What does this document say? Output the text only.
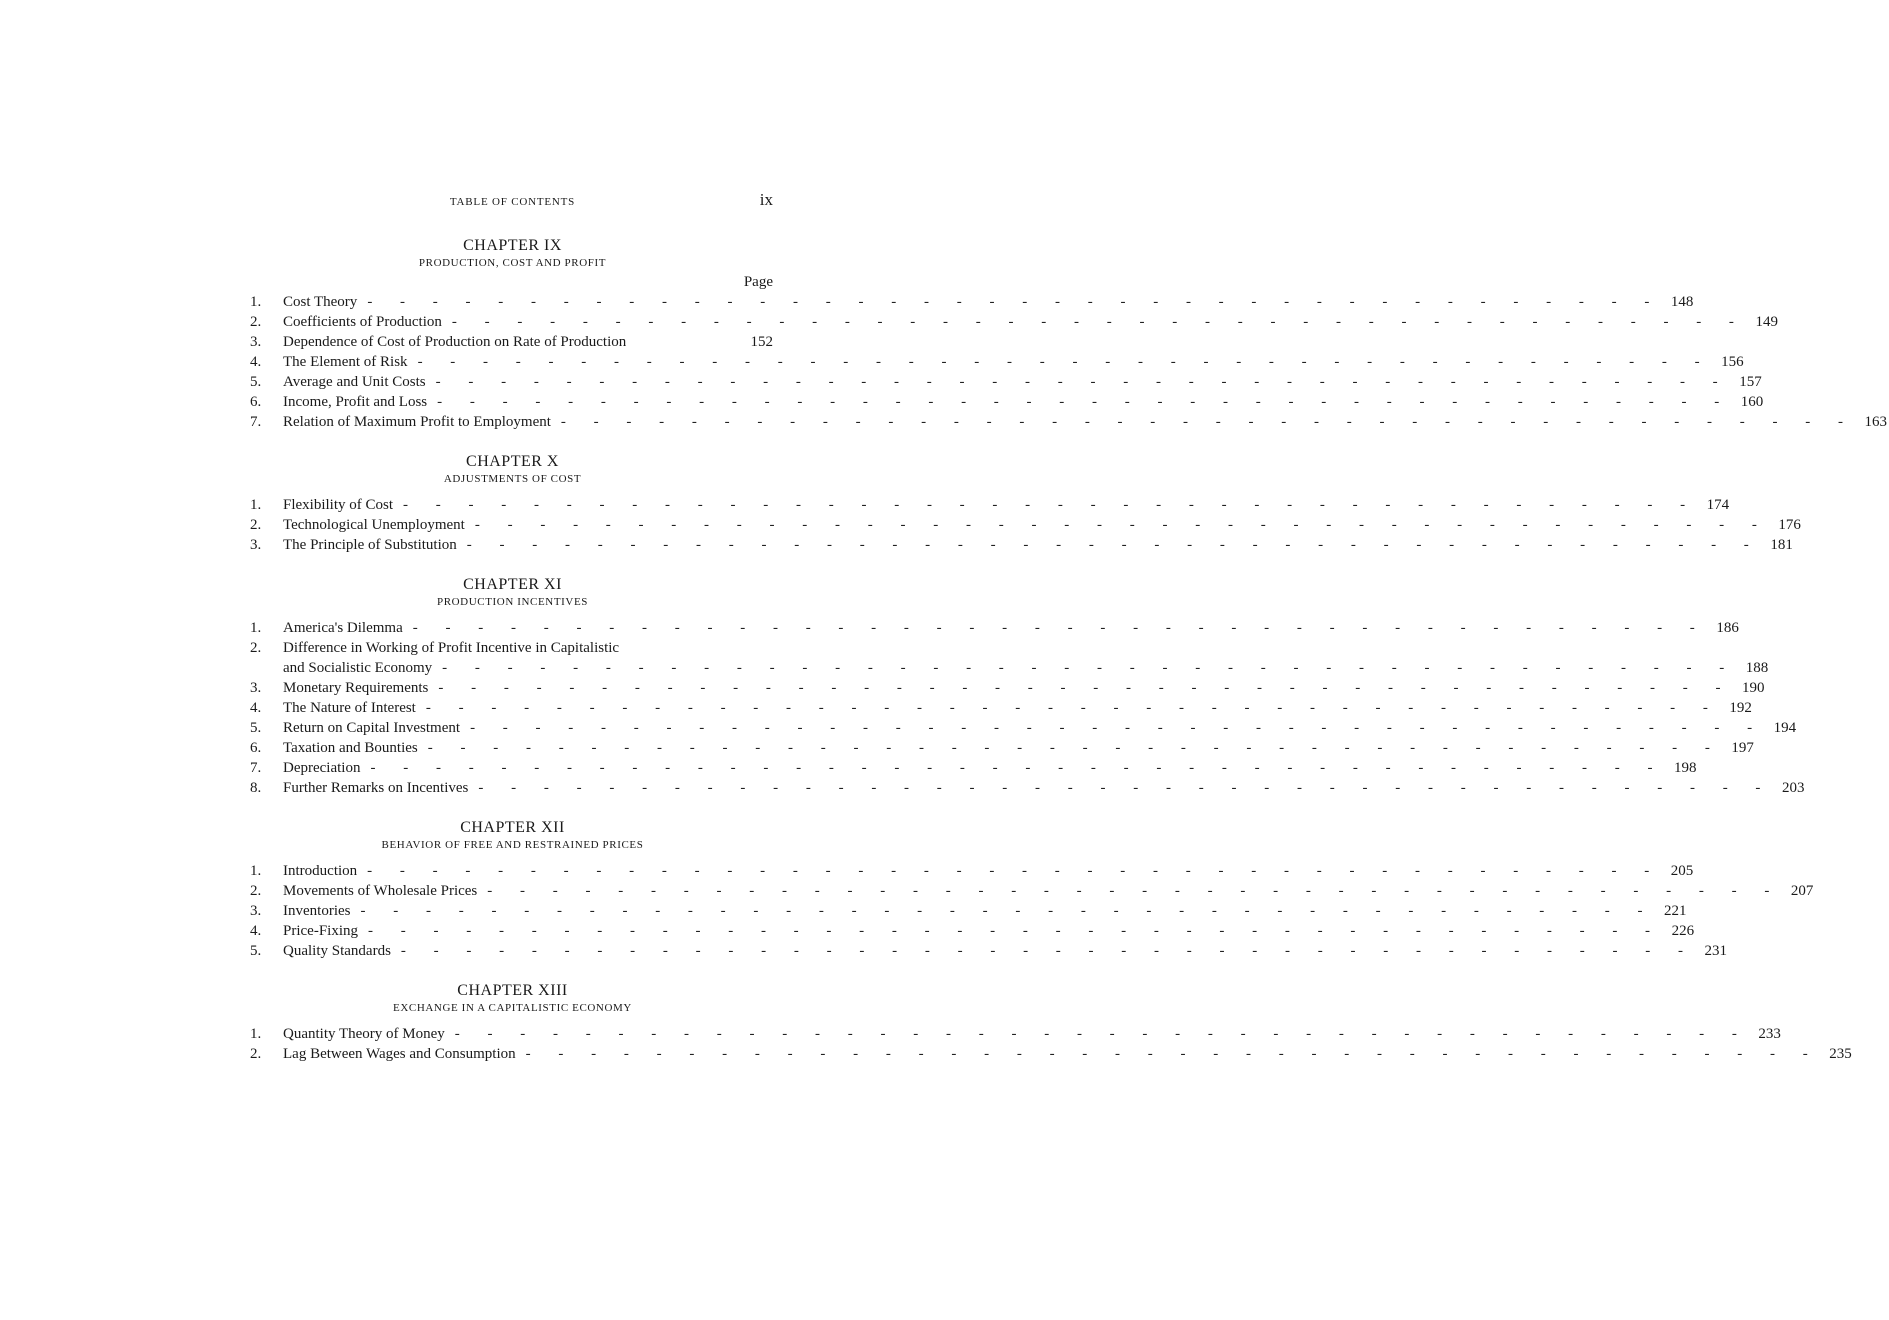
TABLE OF CONTENTS	ix
CHAPTER IX
PRODUCTION, COST AND PROFIT
Page
1.	Cost Theory - - - - - - - - - - - - - - - - - - - - - - - - - - - - - - - - - - - - - - - - 148
2.	Coefficients of Production - - - - - - - - - - - - - - - - - - - - - - - - - - - - - - - - - - - - - - - - 149
3.	Dependence of Cost of Production on Rate of Production	152
4.	The Element of Risk - - - - - - - - - - - - - - - - - - - - - - - - - - - - - - - - - - - - - - - - 156
5.	Average and Unit Costs - - - - - - - - - - - - - - - - - - - - - - - - - - - - - - - - - - - - - - - - 157
6.	Income, Profit and Loss - - - - - - - - - - - - - - - - - - - - - - - - - - - - - - - - - - - - - - - - 160
7.	Relation of Maximum Profit to Employment - - - - - - - - - - - - - - - - - - - - - - - - - - - - - - - - - - - - - - - - 163
CHAPTER X
ADJUSTMENTS OF COST
1.	Flexibility of Cost - - - - - - - - - - - - - - - - - - - - - - - - - - - - - - - - - - - - - - - - 174
2.	Technological Unemployment - - - - - - - - - - - - - - - - - - - - - - - - - - - - - - - - - - - - - - - - 176
3.	The Principle of Substitution - - - - - - - - - - - - - - - - - - - - - - - - - - - - - - - - - - - - - - - - 181
CHAPTER XI
PRODUCTION INCENTIVES
1.	America's Dilemma - - - - - - - - - - - - - - - - - - - - - - - - - - - - - - - - - - - - - - - - 186
2.	Difference in Working of Profit Incentive in Capitalistic
and Socialistic Economy - - - - - - - - - - - - - - - - - - - - - - - - - - - - - - - - - - - - - - - - 188
3.	Monetary Requirements - - - - - - - - - - - - - - - - - - - - - - - - - - - - - - - - - - - - - - - - 190
4.	The Nature of Interest - - - - - - - - - - - - - - - - - - - - - - - - - - - - - - - - - - - - - - - - 192
5.	Return on Capital Investment - - - - - - - - - - - - - - - - - - - - - - - - - - - - - - - - - - - - - - - - 194
6.	Taxation and Bounties - - - - - - - - - - - - - - - - - - - - - - - - - - - - - - - - - - - - - - - - 197
7.	Depreciation - - - - - - - - - - - - - - - - - - - - - - - - - - - - - - - - - - - - - - - - 198
8.	Further Remarks on Incentives - - - - - - - - - - - - - - - - - - - - - - - - - - - - - - - - - - - - - - - - 203
CHAPTER XII
BEHAVIOR OF FREE AND RESTRAINED PRICES
1.	Introduction - - - - - - - - - - - - - - - - - - - - - - - - - - - - - - - - - - - - - - - - 205
2.	Movements of Wholesale Prices - - - - - - - - - - - - - - - - - - - - - - - - - - - - - - - - - - - - - - - - 207
3.	Inventories - - - - - - - - - - - - - - - - - - - - - - - - - - - - - - - - - - - - - - - - 221
4.	Price-Fixing - - - - - - - - - - - - - - - - - - - - - - - - - - - - - - - - - - - - - - - - 226
5.	Quality Standards - - - - - - - - - - - - - - - - - - - - - - - - - - - - - - - - - - - - - - - - 231
CHAPTER XIII
EXCHANGE IN A CAPITALISTIC ECONOMY
1.	Quantity Theory of Money - - - - - - - - - - - - - - - - - - - - - - - - - - - - - - - - - - - - - - - - 233
2.	Lag Between Wages and Consumption - - - - - - - - - - - - - - - - - - - - - - - - - - - - - - - - - - - - - - - - 235
